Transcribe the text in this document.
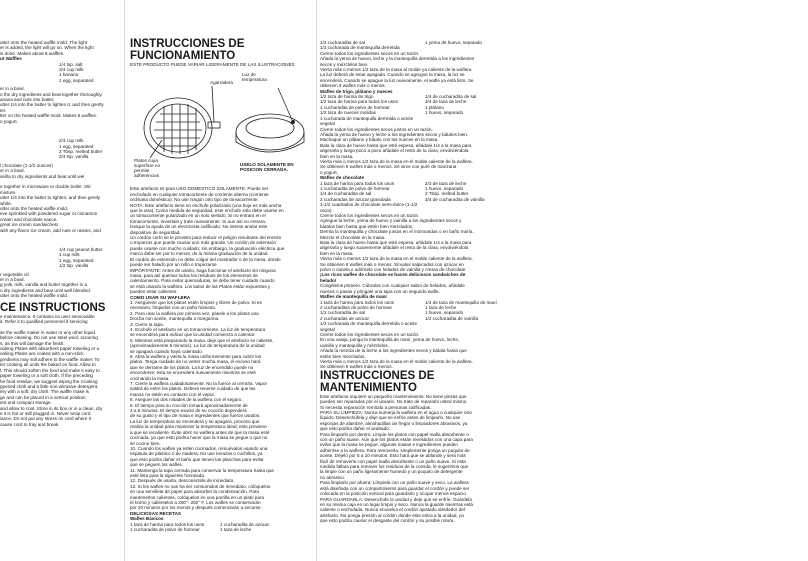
utter onto the heated waffle mold. The light

er is added, the light will go on. When the light

is done. Makes about 6 waffles.

ut Waffles

1/4 tsp. salt
3/4 cup milk
1 banana
1 egg, separated

er in a bowl.

o the dry ingredients and beat together thoroughly.

anana and nuts into batter.

utter 1/4 into the batter to lighten it, and then gently

ter.

tter on the heated waffle mold. Makes 6 waffles.

o yogurt.

2/3 cup milk
1 egg, separated
2 Tbsp. melted butter
3/4 tsp. vanilla

l chocolate (1-1/2 ounces)

er in a bowl.

anilla to dry ingredients and beat until wel

e together in microwave or double boiler. Stir

mixture.

utter 1/4 into the batter to lighten, and then gently

white.

utter onto the heated waffle mold.

eve sprinkled with powdered sugar or cinnamon

cream and chocolate sauce.

great ice cream sandwiches!

with any flavor ice cream, add nuts or raisins, and

1/4 cup peanut butter
1 cup milk
1 egg, separated
1/2 tsp. vanilla

r vegetable oil

er in a bowl.

g yolk, milk, vanilla and butter together in a

o dry ingredients and beat until well blended.

utter onto the heated waffle mold.

CE INSTRUCTIONS

e maintenance. It contains no user serviceable

it. Refer it to qualified personnel if servicing

se the waffle maker in water or any other liquid.

before cleaning. Do not use steel wool, scouring

s, as this will damage the finish.

ooking Plates with absorbent paper toweling or a

ooking Plates are coated with a non-stick

gredients may still adhere to the waffle maker. To

ter cooking all units the baked on food. Allow to

l. This should soften the food and make it easy to

paper toweling or a soft cloth. If the preceding

he food residue, we suggest wiping the Cooking

ppened cloth and a little non-abrasive detergent.

ery with a soft, dry cloth. The waffle make is

ge and can be placed in a vertical position

ent and compact storage.

and allow to cool. Store in its box or in a clean, dry

e it is hot or still plugged in. Never wrap cord

iance. Do not put any stress on cord where it

cause cord to fray and break.

INSTRUCCIONES DE FUNCIONAMIENTO

ESTE PRODUCTO PUEDE VARIAR LIGERAMENTE DE LAS ILUSTRACIONES

Agarradera
Luz de temperatura
Platos cuya superficie no permite adherencias
USELO SOLAMENTE EN POSICION CERRADA.

Este artefacto es para USO DOMESTICO SOLAMENTE. Puede ser

enchufado en cualquier tomacorriente de corriente alterna (corriente

ordinaria doméstica). No use ningún otro tipo de tomacorriente.

NOTA: Este artefacto tiene un enchufe polarizado (una hoja es más ancha

que la otra). Como medida de seguridad, este enchufe solo debe usarse en

un tomacorriente polarizado en un solo sentido. Si no entrara en el

tomacorriente, inviertalo y trate nuevamente. Si aun así no entrara,

busque la ayuda de un electricista calificado. No intente anular este

dispositivo de seguridad.

Un cordón corto se le provisto para reducir el peligro resultante del enredo

o tropiezos que puede causar uno más grande. Un cordón de extensión

puede usarse con mucho cuidado; sin embargo, la graduación eléctrica que

marca debe ser por lo menos, de la misma graduación de la unidad.

El cordón de extensión no debe colgar del mostrador o de la mesa, donde

puede ser halado por un niño o tropezarse.

IMPORTANTE: Antes de usarlo, haga funcionar el artefacto sin ninguna

masa, para así quemar todos los residuos de los elementos de

calentamiento. Para evitar quemaduras, se debe tener cuidado cuando

se está usando la waflera. Los lados de las Platos están expuestos y

pueden estar calientes.

COMO USAR SU WAFLERA

1. Asegúrese que los platos estén limpios y libres de polvo. Si es

necesario, límpielos con un paño húmedo.

2. Para usar la waflera por primera vez, pásele a los platos una

brocha con aceite, mantequilla o margarina.

3. Cierre la tapa.

4. Enchufe el artefacto en un tomacorriente. La luz de temperatura

se encenderá para indicar que la unidad comienza a calentar.

5. Mientras está preparando la masa, deje que el artefacto se caliente,

(aproximadamente 5 minutos). La luz de temperatura de la unidad

se apagará cuando haya calentado.

6. Abra la waflera y vierta la masa uniformemente para cubrir los

platos. Tenga cuidado de no verter mucha masa, el exceso hará

que se derrame de los platos. La luz de encendido puede no

encenderse; ésta se encenderá nuevamente mientras se esté

cocinando la masa.

7. Cierre la waflera cuidadosamente. No la fuerce al cerrarla. Vapor

saldrá de entre los platos. Deberá tenerse cuidado de que las

manos no estén en contacto con el vapor.

8. Asegure las dos mitades de la waflera con el seguro.

8. El tiempo para su cocción tomará aproximadamente de

3 a 5 minutos. El tiempo exacto de su cocción dependerá

de su gusto y el tipo de masa e ingredientes que fueron usados.

La luz de temperatura se encenderá y se apagará, proceso que

realiza la unidad para mantener la temperatura ideal; esto previene

a que se recaliente. Evite abrir su waflera antes de que la masa esté

cocinada, ya que esto podría hacer que la masa se pegue o que no

se cocine bien.

10. Cuando los wafles ya estén cocinados, remuévalos usando una

espátula de plástico o de madera. No use tenazas o cuchillos, ya

que esto podría dañar el baño que tienen las planchas para evitar

que se peguen los wafles.

11. Mantenga la tapa cerrada para conservar la temperatura hasta que

esté lista para la siguiente horneada.

12. Después de usarla, desconéctela de inmediato.

13. Si los wafles no van ha ser consumidos de inmediato, colóquelos

en una servilleta de papel para absorber la condensación. Para

mantenerlos calientes, colóquelos en una parrilla en un plato para

el horno y caliéntelos a 200°- 250° F. Los wafles se conservarán

por 20 minutos por los menos y después comenzarán a secarse.

DELICIOSAS RECETAS

Wafles Básicos

1 taza de harina para todos los usos	1 cucharadita de azúcar
1 cucharadita de polvo de hornear	1 taza de leche
1/2 cucharadita de sal	1 yema de huevo, separado
1/2 cucharada de mantequilla derretida

Cierne todos los ingredientes secos en un tazón.

Añada la yema de huevo, leche y la mantequilla derretida a los ingredientes

secos y mézclelos bien.

Vierta más o menos 1/2 taza de la masa al molde ya caliente de la waflera.

La luz deberá de estar apagada. Cuando se agregue la masa, la luz se

encenderá. Cuando se apague la luz nuevamente, el wafle ya está listo. Se

obtienen 6 wafles más o menos.

Wafles de trigo, plátano y nueces

1/2 taza de harina de trigo	1/4 de cucharadita de sal
1/2 taza de harina para todos los usos	3/4 de taza de leche
1 cucharadita de polvo de hornear	1 plátano
1/2 taza de nueces molidas	1 huevo, separado
1 cucharada de mantequilla derretida o aceite vegetal

Cierne todos los ingredientes secos juntos en un tazón.

Añada la yema de huevo y leche a los ingredientes secos y bátalos bien.

Machaque un plátano y bátalo con las nueces en la masa.

Bata la clara de huevo hasta que esté espesa, añádale 1/4 a la masa para

aligerarla y luego poco a poco añádale el resto de la clara, envolviéndola

bien en la masa.

Vierta más o menos 1/2 taza de la masa en el molde caliente de la waflera.

Se obtienen 6 wafles más o menos. Se sirve con puré de manzana

o yogurt.

Wafles de chocolate

1 taza de harina para todos los usos	2/3 de taza de leche
1 cucharadita de polvo de hornear	1 huevo, separado
1/4 de cucharadita de sal	2 Tbsp. melted butter
2 cucharadas de azúcar granulada	3/4 de cucharadita de vainilla
1-1/2 cuadrados de chocolate semi-dulce (1-1/2 onza)

Cierne todos los ingredientes secos en un tazón.

Agregue la leche, yema de huevo y vainilla a los ingredientes secos y

bátalos bien hasta que estén bien mezclados.

Derrita la mantequilla y chocolate juntos en el microondas o en baño maría.

Mezcle el chocolate en la masa.

Bata la clara de huevo hasta que esté espesa, añádale 1/4 a la masa para

aligerarla y luego suavemente añádale el resto de la clara, envolviéndola

bien en la masa.

Vierta más o menos 1/2 taza de la masa en el molde caliente de la waflera.

Se obtienen 6 wafles más o menos. Sírvalos salpicados con azúcar en

polvo o canela o adórnelo con helados de vainilla y crema de chocolate.

¡Los ricos wafles de chocolate se hacen deliciosos sandwiches de

helado!

Congélelos primero. Cúbralos con cualquier sabor de helados, añádale

nueces o pasas y póngale una tapa con un segundo wafle.

Wafles de mantequilla de maní

1 taza de harina para todos los usos	1/4 de taza de mantequilla de maní
2 cucharaditas de polvo de hornear	1 taza de leche
1/2 cucharadita de sal	1 huevo, separado
2 cucharadas de azúcar	1/2 cucharadita de vainilla
1/2 cucharada de mantequilla derretida o aceite vegetal

Cierne todos los ingredientes secos en un tazón.

En una vasija, ponga la mantequilla de maní, yema de huevo, leche,

vainilla y mantequilla y mézclelos.

Añada la mezcla de la leche a los ingredientes secos y bátala hasta que

estén bien mezclados.

Vierta más o menos 1/2 taza de la masa en el molde caliente de la waflera.

Se obtienen 6 wafles más o menos.

INSTRUCCIONES DE MANTENIMIENTO

Este artefacto requiere un pequeño mantenimiento. No tiene piezas que

pueden ser reparadas por el usuario. No trate de repararlo usted mismo.

Si necesita reparación remítalo a personas calificadas.

PARA SU LIMPIEZA: Nunca sumerja la waflera en el agua o cualquier otro

líquido. Desenchúfela y deje que se enfríe antes de limpiarlo. No use

esponjas de alambre, almohadillas de fregar o limpiadores abrasivos, ya

que esto podría dañar el acabado.

Para limpiarlo por dentro: Limpie los platos con papel toalla absorbente o

con un paño suave. Aún que los platos están revestidos con una capa para

evitar que la masa se pegue, algunas masas e ingredientes pueden

adherirse a la waflera. Para removerla, simplemente ponga un poquito de

aceite. Déjelo por 5 a 10 minutos. Esto hará que se ablande y será más

fácil de removerla con papel toalla absorbente o un paño suave. Si esta

medida fallara para remover los residuos de la comida, le sugerimos que

la limpie con un paño ligeramente humedo y un poquito de detergente

no abrasivo.

Para limpiarlo por afuera: Límpiela con un paño suave y seco. La waflera

está diseñada con un compartimiento para guardar el cordón y puede ser

colocada en la posición vertical para guardarlo y ocupar menos espacio.

PARA GUARDARLA: Desenchufe la unidad y deje que se enfríe. Guárdela

en su misma caja en un lugar limpio y seco. Nunca la guarde mientras está

caliente o enchufada. Nunca envuelva el cordón ajustado alrededor del

artefacto. No ponga presión al cordón donde este entra a la unidad, ya

que esto podría causar el desgaste del cordón y su posible rotura.
